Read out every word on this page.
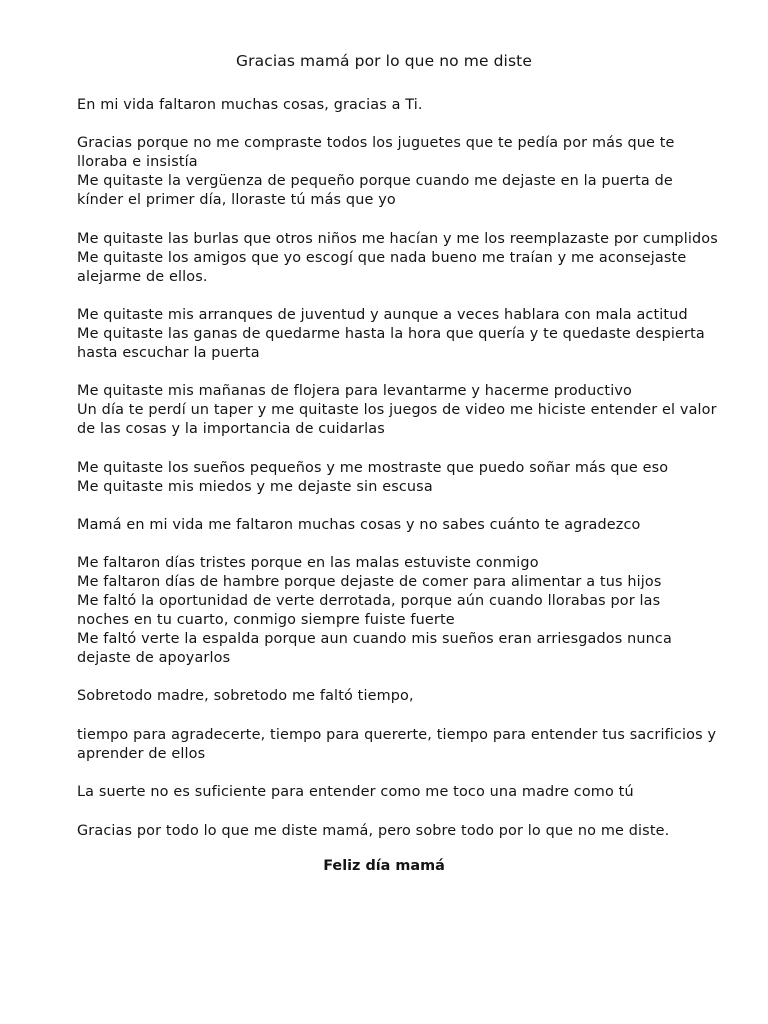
Gracias mamá por lo que no me diste
En mi vida faltaron muchas cosas, gracias a Ti.
Gracias porque no me compraste todos los juguetes que te pedía por más que te
lloraba e insistía
Me quitaste la vergüenza de pequeño porque cuando me dejaste en la puerta de
kínder el primer día, lloraste tú más que yo
Me quitaste las burlas que otros niños me hacían y me los reemplazaste por cumplidos
Me quitaste los amigos que yo escogí que nada bueno me traían y me aconsejaste
alejarme de ellos.
Me quitaste mis arranques de juventud y aunque a veces hablara con mala actitud
Me quitaste las ganas de quedarme hasta la hora que quería y te quedaste despierta
hasta escuchar la puerta
Me quitaste mis mañanas de flojera para levantarme y hacerme productivo
Un día te perdí un taper y me quitaste los juegos de video me hiciste entender el valor
de las cosas y la importancia de cuidarlas
Me quitaste los sueños pequeños y me mostraste que puedo soñar más que eso
Me quitaste mis miedos y me dejaste sin escusa
Mamá en mi vida me faltaron muchas cosas y no sabes cuánto te agradezco
Me faltaron días tristes porque en las malas estuviste conmigo
Me faltaron días de hambre porque dejaste de comer para alimentar a tus hijos
Me faltó la oportunidad de verte derrotada, porque aún cuando llorabas por las
noches en tu cuarto, conmigo siempre fuiste fuerte
Me faltó verte la espalda porque aun cuando mis sueños eran arriesgados nunca
dejaste de apoyarlos
Sobretodo madre, sobretodo me faltó tiempo,
tiempo para agradecerte, tiempo para quererte, tiempo para entender tus sacrificios y
aprender de ellos
La suerte no es suficiente para entender como me toco una madre como tú
Gracias por todo lo que me diste mamá, pero sobre todo por lo que no me diste.
Feliz día mamá
